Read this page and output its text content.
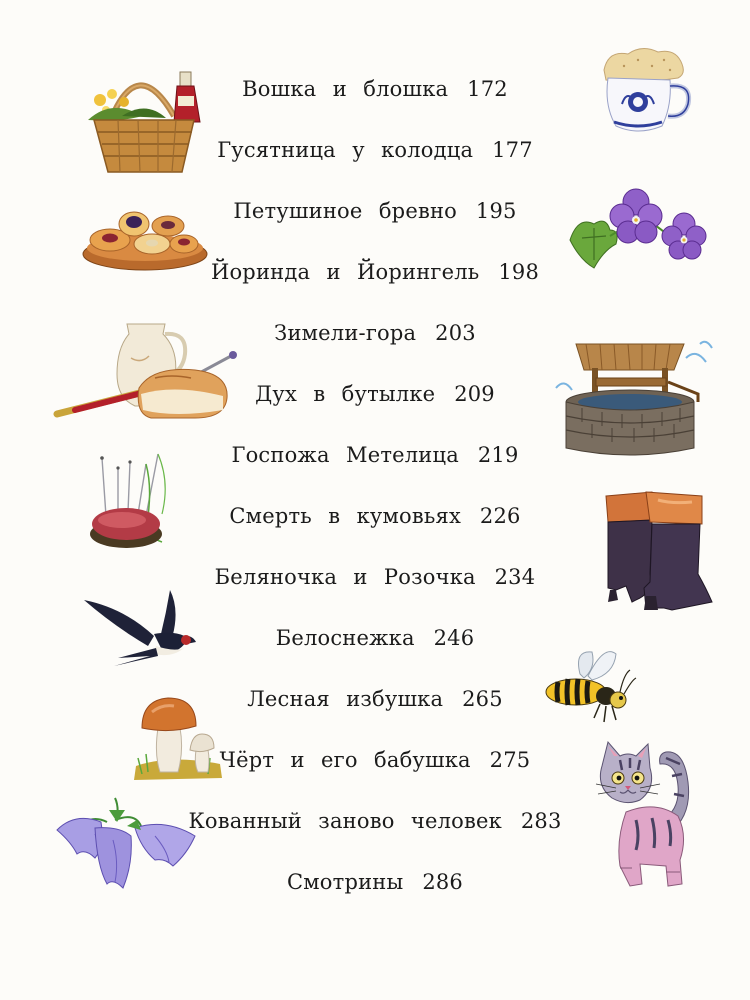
Вошка и блошка 172
Гусятница у колодца 177
Петушиное бревно 195
Йоринда и Йорингель 198
Зимели-гора 203
Дух в бутылке 209
Госпожа Метелица 219
Смерть в кумовьях 226
Беляночка и Розочка 234
Белоснежка 246
Лесная избушка 265
Чёрт и его бабушка 275
Кованный заново человек 283
Смотрины 286
